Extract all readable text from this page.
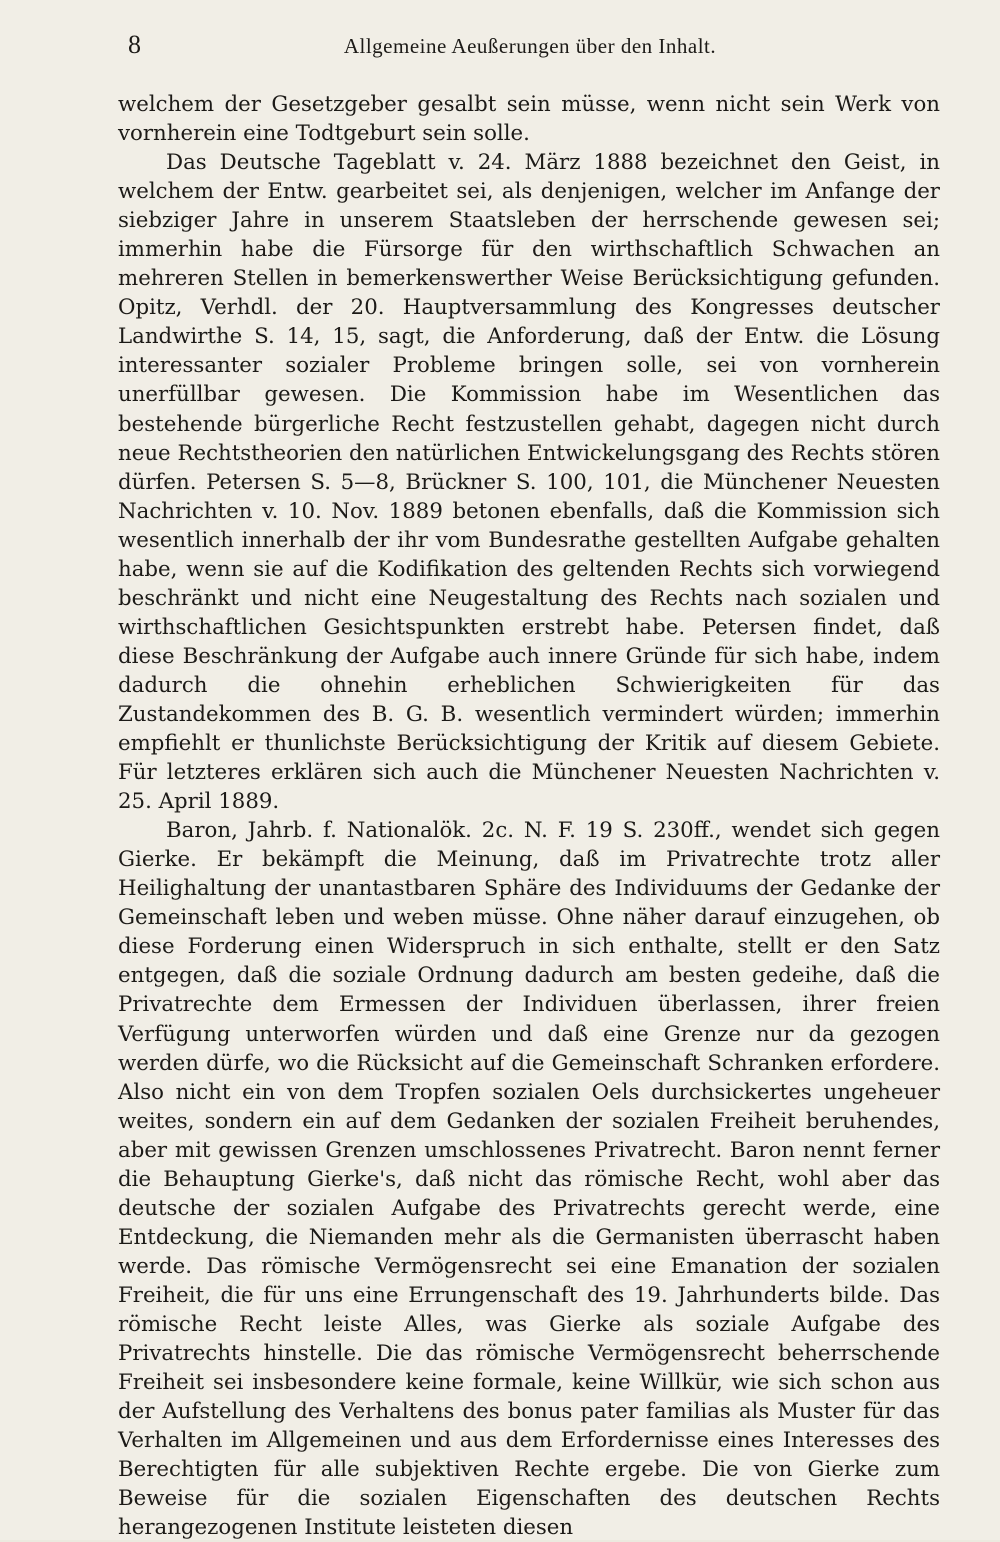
8	Allgemeine Aeußerungen über den Inhalt.

welchem der Gesetzgeber gesalbt sein müsse, wenn nicht sein Werk von vornherein eine Todtgeburt sein solle.

Das Deutsche Tageblatt v. 24. März 1888 bezeichnet den Geist, in welchem der Entw. gearbeitet sei, als denjenigen, welcher im Anfange der siebziger Jahre in unserem Staatsleben der herrschende gewesen sei; immerhin habe die Fürsorge für den wirthschaftlich Schwachen an mehreren Stellen in bemerkenswerther Weise Berücksichtigung gefunden. Opitz, Verhdl. der 20. Hauptversammlung des Kongresses deutscher Landwirthe S. 14, 15, sagt, die Anforderung, daß der Entw. die Lösung interessanter sozialer Probleme bringen solle, sei von vornherein unerfüllbar gewesen. Die Kommission habe im Wesentlichen das bestehende bürgerliche Recht festzustellen gehabt, dagegen nicht durch neue Rechtstheorien den natürlichen Entwickelungsgang des Rechts stören dürfen. Petersen S. 5—8, Brückner S. 100, 101, die Münchener Neuesten Nachrichten v. 10. Nov. 1889 betonen ebenfalls, daß die Kommission sich wesentlich innerhalb der ihr vom Bundesrathe gestellten Aufgabe gehalten habe, wenn sie auf die Kodifikation des geltenden Rechts sich vorwiegend beschränkt und nicht eine Neugestaltung des Rechts nach sozialen und wirthschaftlichen Gesichtspunkten erstrebt habe. Petersen findet, daß diese Beschränkung der Aufgabe auch innere Gründe für sich habe, indem dadurch die ohnehin erheblichen Schwierigkeiten für das Zustandekommen des B. G. B. wesentlich vermindert würden; immerhin empfiehlt er thunlichste Berücksichtigung der Kritik auf diesem Gebiete. Für letzteres erklären sich auch die Münchener Neuesten Nachrichten v. 25. April 1889.

Baron, Jahrb. f. Nationalök. 2c. N. F. 19 S. 230ff., wendet sich gegen Gierke. Er bekämpft die Meinung, daß im Privatrechte trotz aller Heilighaltung der unantastbaren Sphäre des Individuums der Gedanke der Gemeinschaft leben und weben müsse. Ohne näher darauf einzugehen, ob diese Forderung einen Widerspruch in sich enthalte, stellt er den Satz entgegen, daß die soziale Ordnung dadurch am besten gedeihe, daß die Privatrechte dem Ermessen der Individuen überlassen, ihrer freien Verfügung unterworfen würden und daß eine Grenze nur da gezogen werden dürfe, wo die Rücksicht auf die Gemeinschaft Schranken erfordere. Also nicht ein von dem Tropfen sozialen Oels durchsickertes ungeheuer weites, sondern ein auf dem Gedanken der sozialen Freiheit beruhendes, aber mit gewissen Grenzen umschlossenes Privatrecht. Baron nennt ferner die Behauptung Gierke's, daß nicht das römische Recht, wohl aber das deutsche der sozialen Aufgabe des Privatrechts gerecht werde, eine Entdeckung, die Niemanden mehr als die Germanisten überrascht haben werde. Das römische Vermögensrecht sei eine Emanation der sozialen Freiheit, die für uns eine Errungenschaft des 19. Jahrhunderts bilde. Das römische Recht leiste Alles, was Gierke als soziale Aufgabe des Privatrechts hinstelle. Die das römische Vermögensrecht beherrschende Freiheit sei insbesondere keine formale, keine Willkür, wie sich schon aus der Aufstellung des Verhaltens des bonus pater familias als Muster für das Verhalten im Allgemeinen und aus dem Erfordernisse eines Interesses des Berechtigten für alle subjektiven Rechte ergebe. Die von Gierke zum Beweise für die sozialen Eigenschaften des deutschen Rechts herangezogenen Institute leisteten diesen
